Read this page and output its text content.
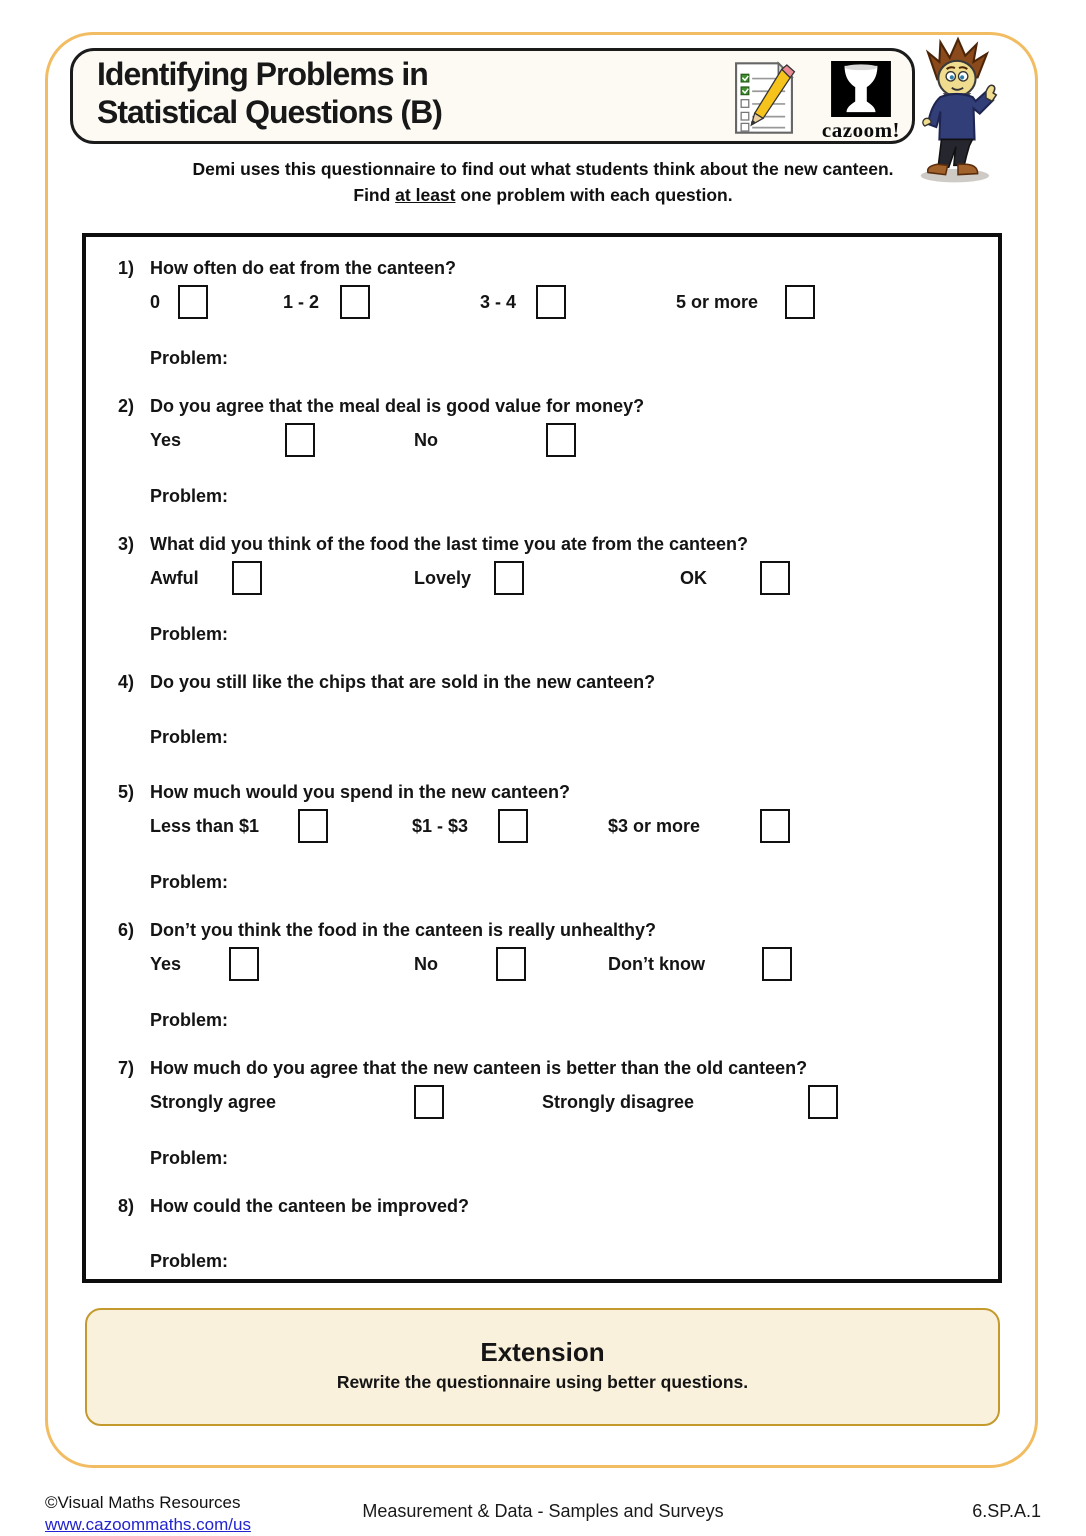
Identifying Problems in
Statistical Questions (B)
cazoom!
Demi uses this questionnaire to find out what students think about the new canteen.
Find at least one problem with each question.
1) How often do eat from the canteen?
0	1 - 2	3 - 4	5 or more
Problem:
2) Do you agree that the meal deal is good value for money?
Yes	No
Problem:
3) What did you think of the food the last time you ate from the canteen?
Awful	Lovely	OK
Problem:
4) Do you still like the chips that are sold in the new canteen?
Problem:
5) How much would you spend in the new canteen?
Less than $1	$1 - $3	$3 or more
Problem:
6) Don’t you think the food in the canteen is really unhealthy?
Yes	No	Don’t know
Problem:
7) How much do you agree that the new canteen is better than the old canteen?
Strongly agree	Strongly disagree
Problem:
8) How could the canteen be improved?
Problem:
Extension
Rewrite the questionnaire using better questions.
©Visual Maths Resources
www.cazoommaths.com/us
Measurement & Data - Samples and Surveys	6.SP.A.1
